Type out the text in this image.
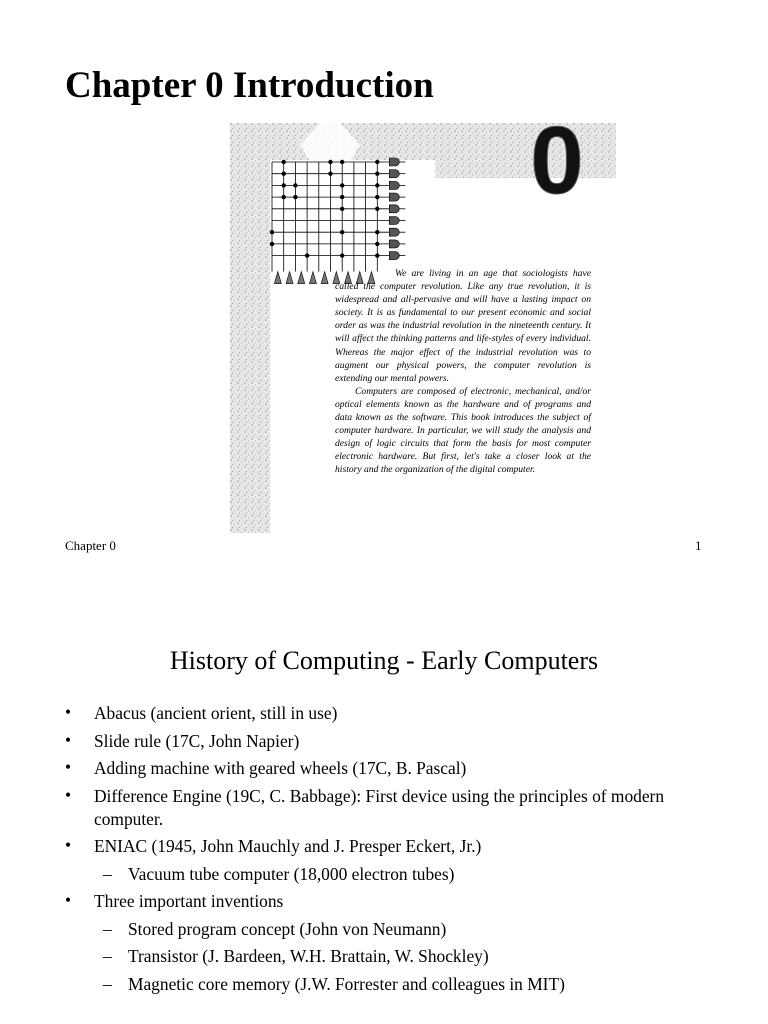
Chapter 0 Introduction
0

We are living in an age that sociologists have called the computer revolution. Like any true revolution, it is widespread and all-pervasive and will have a lasting impact on society. It is as fundamental to our present economic and social order as was the industrial revolution in the nineteenth century. It will affect the thinking patterns and life-styles of every individual. Whereas the major effect of the industrial revolution was to augment our physical powers, the computer revolution is extending our mental powers.

Computers are composed of electronic, mechanical, and/or optical elements known as the hardware and of programs and data known as the software. This book introduces the subject of computer hardware. In particular, we will study the analysis and design of logic circuits that form the basis for most computer electronic hardware. But first, let's take a closer look at the history and the organization of the digital computer.

Chapter 0	1
History of Computing - Early Computers
• Abacus (ancient orient, still in use)
• Slide rule (17C, John Napier)
• Adding machine with geared wheels (17C, B. Pascal)
• Difference Engine (19C, C. Babbage): First device using the principles of modern computer.
• ENIAC (1945, John Mauchly and J. Presper Eckert, Jr.)
– Vacuum tube computer (18,000 electron tubes)
• Three important inventions
– Stored program concept (John von Neumann)
– Transistor (J. Bardeen, W.H. Brattain, W. Shockley)
– Magnetic core memory (J.W. Forrester and colleagues in MIT)
